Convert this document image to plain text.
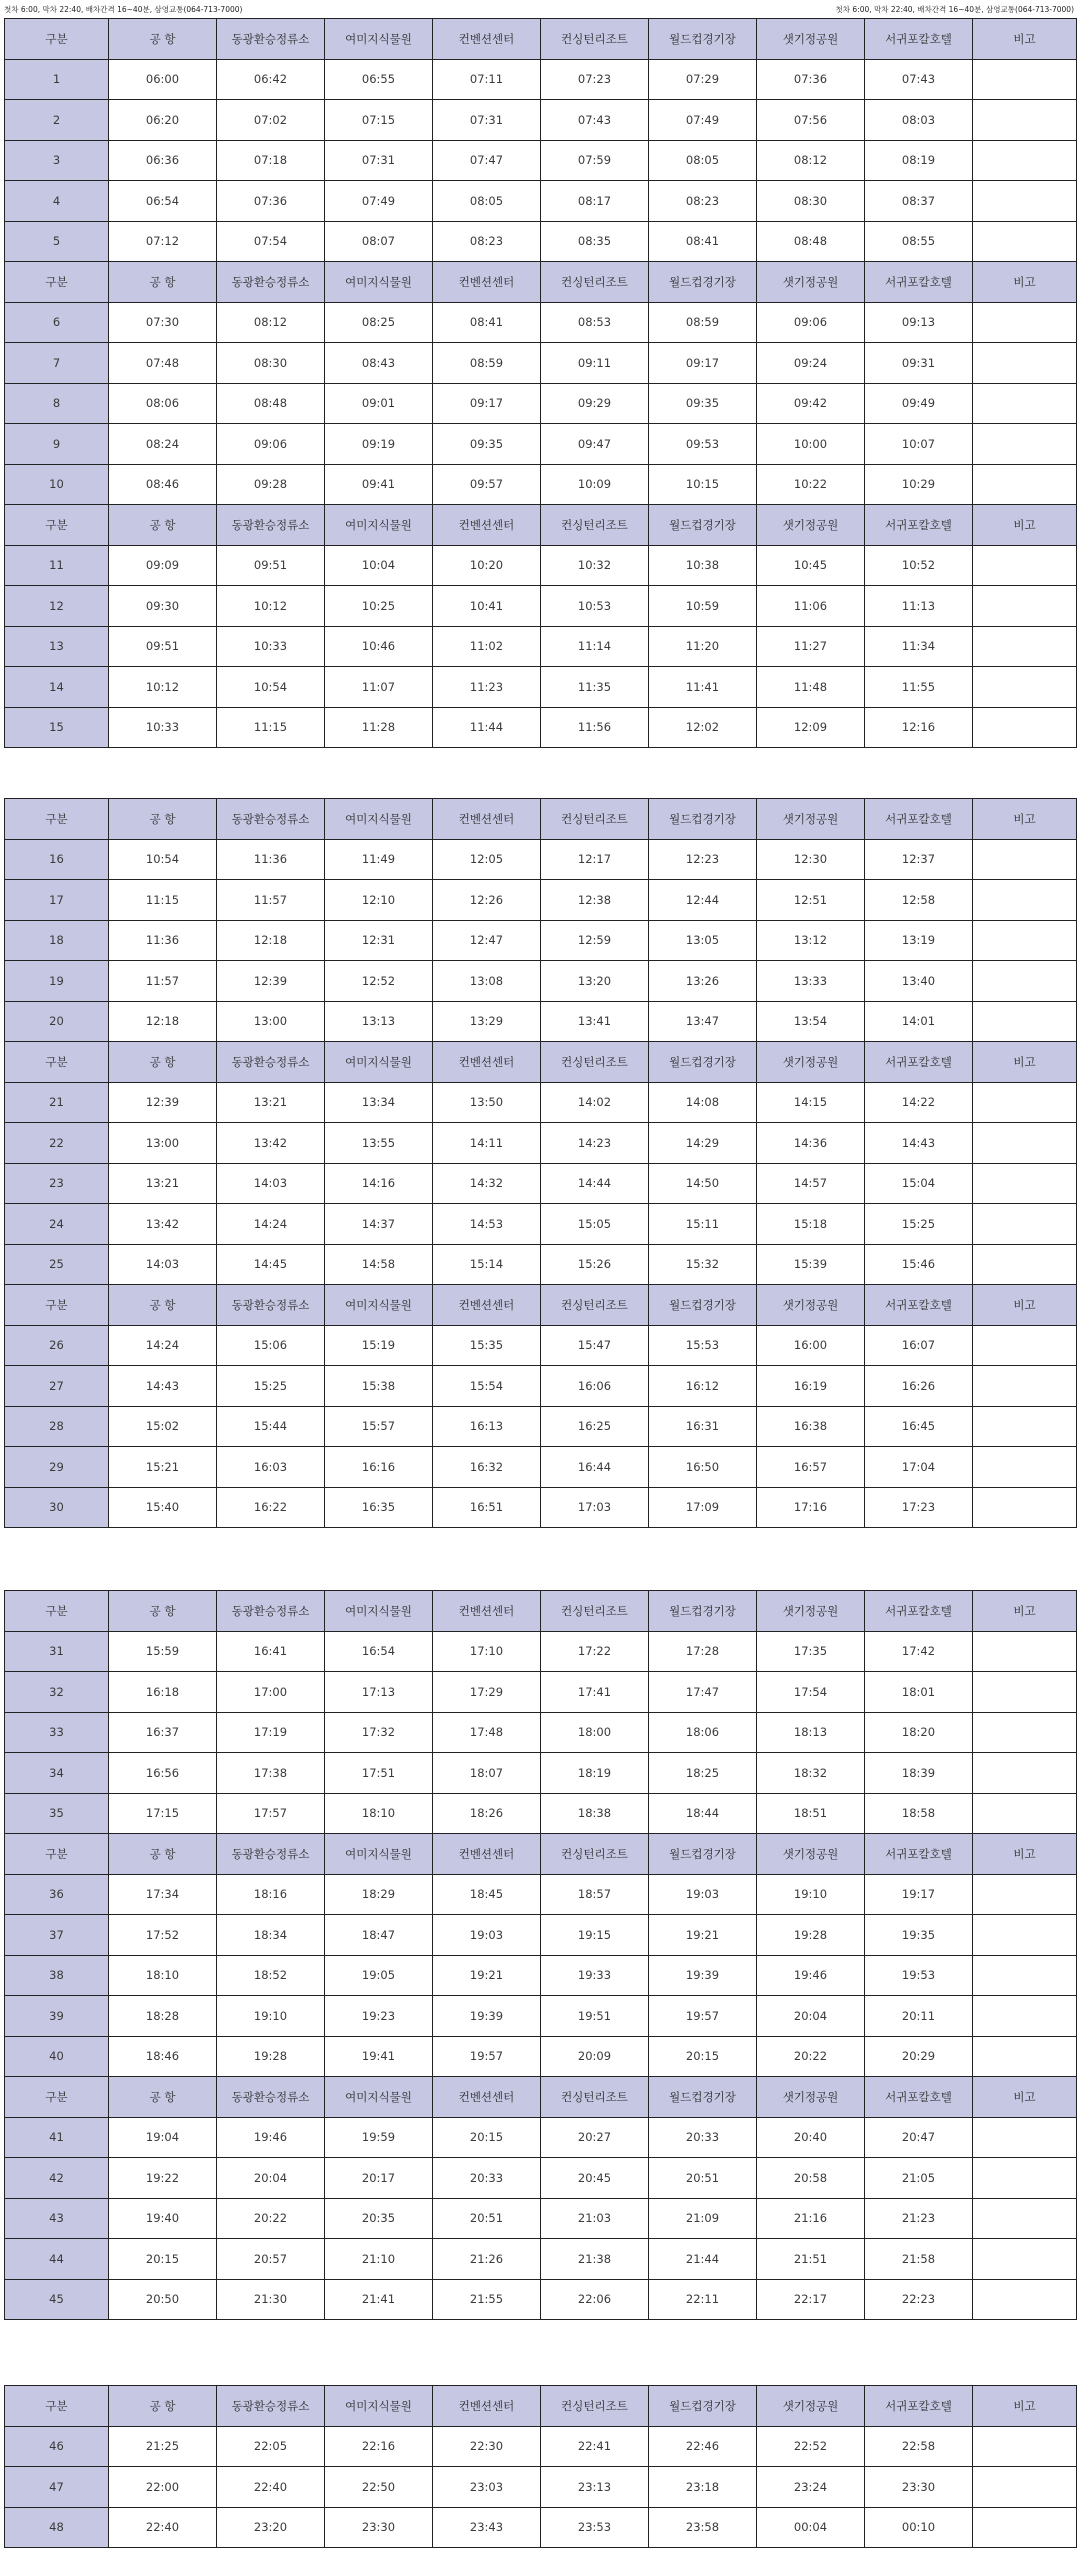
첫차 6:00, 막차 22:40, 배차간격 16~40분, 삼영교통(064-713-7000)	첫차 6:00, 막차 22:40, 배차간격 16~40분, 삼영교통(064-713-7000)
구분	공 항	동광환승정류소	여미지식물원	컨벤션센터	컨싱턴리조트	월드컵경기장	샛기정공원	서귀포칼호텔	비고
1	06:00	06:42	06:55	07:11	07:23	07:29	07:36	07:43	
2	06:20	07:02	07:15	07:31	07:43	07:49	07:56	08:03	
3	06:36	07:18	07:31	07:47	07:59	08:05	08:12	08:19	
4	06:54	07:36	07:49	08:05	08:17	08:23	08:30	08:37	
5	07:12	07:54	08:07	08:23	08:35	08:41	08:48	08:55	
구분	공 항	동광환승정류소	여미지식물원	컨벤션센터	컨싱턴리조트	월드컵경기장	샛기정공원	서귀포칼호텔	비고
6	07:30	08:12	08:25	08:41	08:53	08:59	09:06	09:13	
7	07:48	08:30	08:43	08:59	09:11	09:17	09:24	09:31	
8	08:06	08:48	09:01	09:17	09:29	09:35	09:42	09:49	
9	08:24	09:06	09:19	09:35	09:47	09:53	10:00	10:07	
10	08:46	09:28	09:41	09:57	10:09	10:15	10:22	10:29	
구분	공 항	동광환승정류소	여미지식물원	컨벤션센터	컨싱턴리조트	월드컵경기장	샛기정공원	서귀포칼호텔	비고
11	09:09	09:51	10:04	10:20	10:32	10:38	10:45	10:52	
12	09:30	10:12	10:25	10:41	10:53	10:59	11:06	11:13	
13	09:51	10:33	10:46	11:02	11:14	11:20	11:27	11:34	
14	10:12	10:54	11:07	11:23	11:35	11:41	11:48	11:55	
15	10:33	11:15	11:28	11:44	11:56	12:02	12:09	12:16	
구분	공 항	동광환승정류소	여미지식물원	컨벤션센터	컨싱턴리조트	월드컵경기장	샛기정공원	서귀포칼호텔	비고
16	10:54	11:36	11:49	12:05	12:17	12:23	12:30	12:37	
17	11:15	11:57	12:10	12:26	12:38	12:44	12:51	12:58	
18	11:36	12:18	12:31	12:47	12:59	13:05	13:12	13:19	
19	11:57	12:39	12:52	13:08	13:20	13:26	13:33	13:40	
20	12:18	13:00	13:13	13:29	13:41	13:47	13:54	14:01	
구분	공 항	동광환승정류소	여미지식물원	컨벤션센터	컨싱턴리조트	월드컵경기장	샛기정공원	서귀포칼호텔	비고
21	12:39	13:21	13:34	13:50	14:02	14:08	14:15	14:22	
22	13:00	13:42	13:55	14:11	14:23	14:29	14:36	14:43	
23	13:21	14:03	14:16	14:32	14:44	14:50	14:57	15:04	
24	13:42	14:24	14:37	14:53	15:05	15:11	15:18	15:25	
25	14:03	14:45	14:58	15:14	15:26	15:32	15:39	15:46	
구분	공 항	동광환승정류소	여미지식물원	컨벤션센터	컨싱턴리조트	월드컵경기장	샛기정공원	서귀포칼호텔	비고
26	14:24	15:06	15:19	15:35	15:47	15:53	16:00	16:07	
27	14:43	15:25	15:38	15:54	16:06	16:12	16:19	16:26	
28	15:02	15:44	15:57	16:13	16:25	16:31	16:38	16:45	
29	15:21	16:03	16:16	16:32	16:44	16:50	16:57	17:04	
30	15:40	16:22	16:35	16:51	17:03	17:09	17:16	17:23	
구분	공 항	동광환승정류소	여미지식물원	컨벤션센터	컨싱턴리조트	월드컵경기장	샛기정공원	서귀포칼호텔	비고
31	15:59	16:41	16:54	17:10	17:22	17:28	17:35	17:42	
32	16:18	17:00	17:13	17:29	17:41	17:47	17:54	18:01	
33	16:37	17:19	17:32	17:48	18:00	18:06	18:13	18:20	
34	16:56	17:38	17:51	18:07	18:19	18:25	18:32	18:39	
35	17:15	17:57	18:10	18:26	18:38	18:44	18:51	18:58	
구분	공 항	동광환승정류소	여미지식물원	컨벤션센터	컨싱턴리조트	월드컵경기장	샛기정공원	서귀포칼호텔	비고
36	17:34	18:16	18:29	18:45	18:57	19:03	19:10	19:17	
37	17:52	18:34	18:47	19:03	19:15	19:21	19:28	19:35	
38	18:10	18:52	19:05	19:21	19:33	19:39	19:46	19:53	
39	18:28	19:10	19:23	19:39	19:51	19:57	20:04	20:11	
40	18:46	19:28	19:41	19:57	20:09	20:15	20:22	20:29	
구분	공 항	동광환승정류소	여미지식물원	컨벤션센터	컨싱턴리조트	월드컵경기장	샛기정공원	서귀포칼호텔	비고
41	19:04	19:46	19:59	20:15	20:27	20:33	20:40	20:47	
42	19:22	20:04	20:17	20:33	20:45	20:51	20:58	21:05	
43	19:40	20:22	20:35	20:51	21:03	21:09	21:16	21:23	
44	20:15	20:57	21:10	21:26	21:38	21:44	21:51	21:58	
45	20:50	21:30	21:41	21:55	22:06	22:11	22:17	22:23	
구분	공 항	동광환승정류소	여미지식물원	컨벤션센터	컨싱턴리조트	월드컵경기장	샛기정공원	서귀포칼호텔	비고
46	21:25	22:05	22:16	22:30	22:41	22:46	22:52	22:58	
47	22:00	22:40	22:50	23:03	23:13	23:18	23:24	23:30	
48	22:40	23:20	23:30	23:43	23:53	23:58	00:04	00:10	
